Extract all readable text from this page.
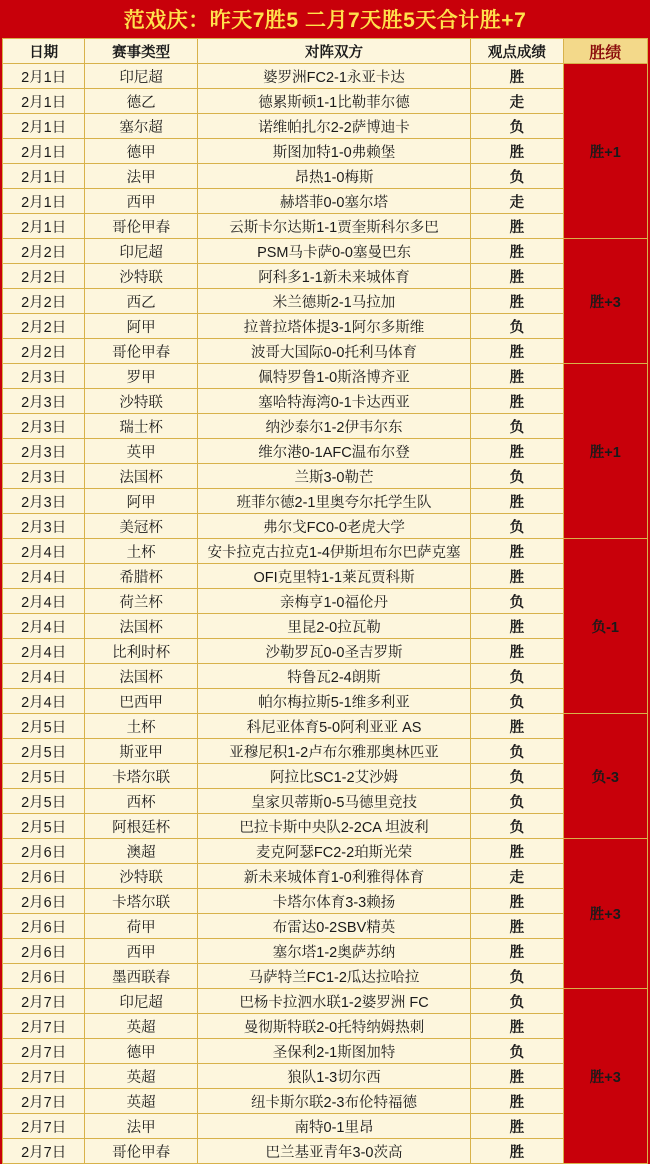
范戏庆：昨天7胜5 二月7天胜5天合计胜+7
日期	赛事类型	对阵双方	观点成绩	胜绩
2月1日	印尼超	婆罗洲FC2-1永亚卡达	胜	胜+1
2月1日	德乙	德累斯顿1-1比勒菲尔德	走	
2月1日	塞尔超	诺维帕扎尔2-2萨博迪卡	负	
2月1日	德甲	斯图加特1-0弗赖堡	胜	
2月1日	法甲	昂热1-0梅斯	负	
2月1日	西甲	赫塔菲0-0塞尔塔	走	
2月1日	哥伦甲春	云斯卡尔达斯1-1贾奎斯科尔多巴	胜	
2月2日	印尼超	PSM马卡萨0-0塞曼巴东	胜	胜+3
2月2日	沙特联	阿科多1-1新未来城体育	胜	
2月2日	西乙	米兰德斯2-1马拉加	胜	
2月2日	阿甲	拉普拉塔体提3-1阿尔多斯维	负	
2月2日	哥伦甲春	波哥大国际0-0托利马体育	胜	
2月3日	罗甲	佩特罗鲁1-0斯洛博齐亚	胜	胜+1
2月3日	沙特联	塞哈特海湾0-1卡达西亚	胜	
2月3日	瑞士杯	纳沙泰尔1-2伊韦尔东	负	
2月3日	英甲	维尔港0-1AFC温布尔登	胜	
2月3日	法国杯	兰斯3-0勒芒	负	
2月3日	阿甲	班菲尔德2-1里奥夸尔托学生队	胜	
2月3日	美冠杯	弗尔戈FC0-0老虎大学	负	
2月4日	土杯	安卡拉克古拉克1-4伊斯坦布尔巴萨克塞	胜	负-1
2月4日	希腊杯	OFI克里特1-1莱瓦贾科斯	胜	
2月4日	荷兰杯	亲梅亨1-0福伦丹	负	
2月4日	法国杯	里昆2-0拉瓦勒	胜	
2月4日	比利时杯	沙勒罗瓦0-0圣吉罗斯	胜	
2月4日	法国杯	特鲁瓦2-4朗斯	负	
2月4日	巴西甲	帕尔梅拉斯5-1维多利亚	负	
2月5日	土杯	科尼亚体育5-0阿利亚亚 AS	胜	负-3
2月5日	斯亚甲	亚穆尼积1-2卢布尔雅那奥林匹亚	负	
2月5日	卡塔尔联	阿拉比SC1-2艾沙姆	负	
2月5日	西杯	皇家贝蒂斯0-5马德里竞技	负	
2月5日	阿根廷杯	巴拉卡斯中央队2-2CA 坦波利	负	
2月6日	澳超	麦克阿瑟FC2-2珀斯光荣	胜	胜+3
2月6日	沙特联	新未来城体育1-0利雅得体育	走	
2月6日	卡塔尔联	卡塔尔体育3-3赖扬	胜	
2月6日	荷甲	布雷达0-2SBV精英	胜	
2月6日	西甲	塞尔塔1-2奥萨苏纳	胜	
2月6日	墨西联春	马萨特兰FC1-2瓜达拉哈拉	负	
2月7日	印尼超	巴杨卡拉泗水联1-2婆罗洲 FC	负	胜+3
2月7日	英超	曼彻斯特联2-0托特纳姆热刺	胜	
2月7日	德甲	圣保利2-1斯图加特	负	
2月7日	英超	狼队1-3切尔西	胜	
2月7日	英超	纽卡斯尔联2-3布伦特福德	胜	
2月7日	法甲	南特0-1里昂	胜	
2月7日	哥伦甲春	巴兰基亚青年3-0茨高	胜	
